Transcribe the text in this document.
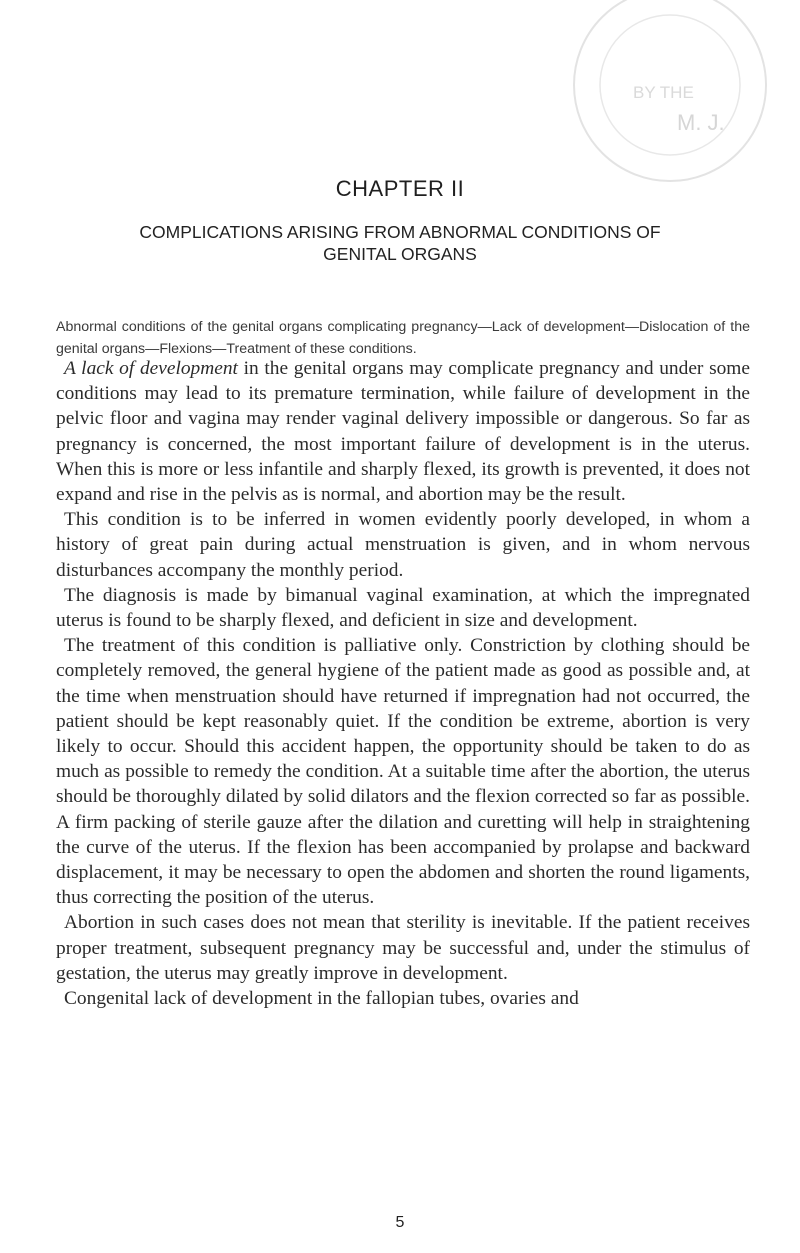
BY THE
M. J.
CHAPTER II
COMPLICATIONS ARISING FROM ABNORMAL CONDITIONS OF
GENITAL ORGANS
Abnormal conditions of the genital organs complicating pregnancy—Lack of development—Dislocation of the genital organs—Flexions—Treatment of these conditions.

A lack of development in the genital organs may complicate pregnancy and under some conditions may lead to its premature termination, while failure of development in the pelvic floor and vagina may render vaginal delivery impossible or dangerous. So far as pregnancy is concerned, the most important failure of development is in the uterus. When this is more or less infantile and sharply flexed, its growth is prevented, it does not expand and rise in the pelvis as is normal, and abortion may be the result.

This condition is to be inferred in women evidently poorly developed, in whom a history of great pain during actual menstruation is given, and in whom nervous disturbances accompany the monthly period.

The diagnosis is made by bimanual vaginal examination, at which the impregnated uterus is found to be sharply flexed, and deficient in size and development.

The treatment of this condition is palliative only. Constriction by clothing should be completely removed, the general hygiene of the patient made as good as possible and, at the time when menstruation should have returned if impregnation had not occurred, the patient should be kept reasonably quiet. If the condition be extreme, abortion is very likely to occur. Should this accident happen, the opportunity should be taken to do as much as possible to remedy the condition. At a suitable time after the abortion, the uterus should be thoroughly dilated by solid dilators and the flexion corrected so far as possible. A firm packing of sterile gauze after the dilation and curetting will help in straightening the curve of the uterus. If the flexion has been accompanied by prolapse and backward displacement, it may be necessary to open the abdomen and shorten the round ligaments, thus correcting the position of the uterus.

Abortion in such cases does not mean that sterility is inevitable. If the patient receives proper treatment, subsequent pregnancy may be successful and, under the stimulus of gestation, the uterus may greatly improve in development.

Congenital lack of development in the fallopian tubes, ovaries and

5
